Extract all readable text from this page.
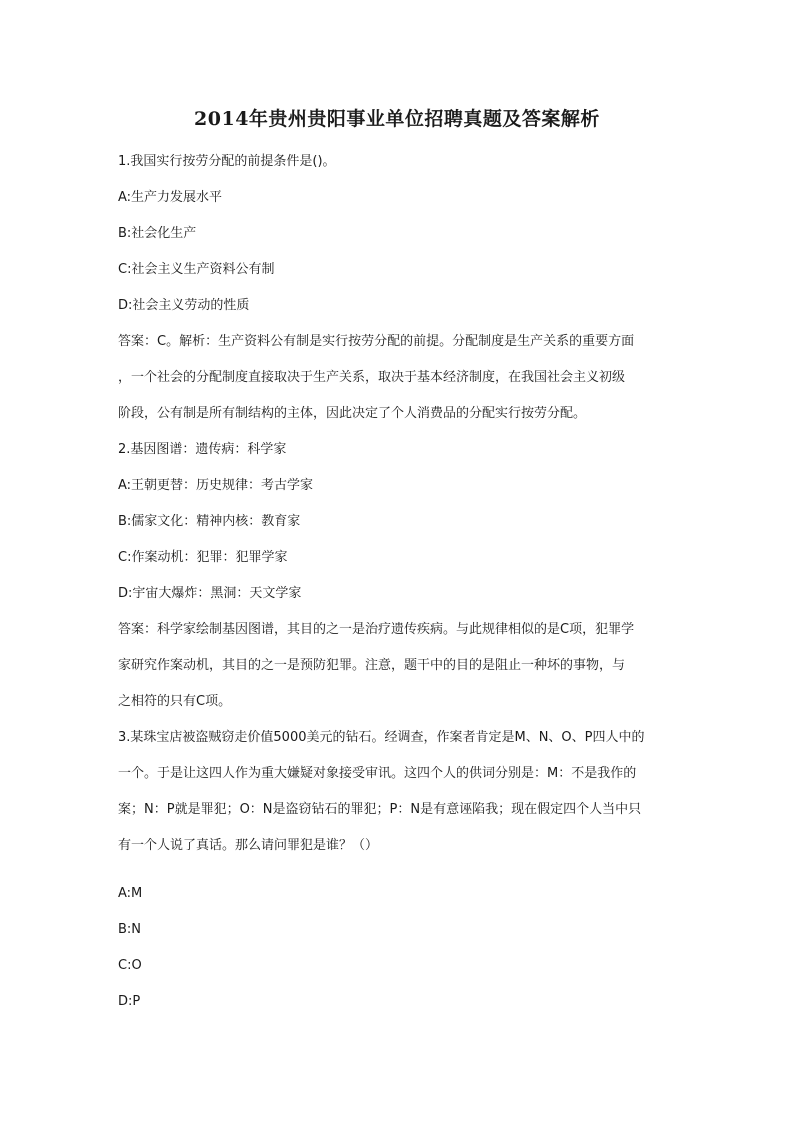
2014年贵州贵阳事业单位招聘真题及答案解析
1.我国实行按劳分配的前提条件是()。
A:生产力发展水平
B:社会化生产
C:社会主义生产资料公有制
D:社会主义劳动的性质
答案：C。解析：生产资料公有制是实行按劳分配的前提。分配制度是生产关系的重要方面
，一个社会的分配制度直接取决于生产关系，取决于基本经济制度，在我国社会主义初级
阶段，公有制是所有制结构的主体，因此决定了个人消费品的分配实行按劳分配。
2.基因图谱：遗传病：科学家
A:王朝更替：历史规律：考古学家
B:儒家文化：精神内核：教育家
C:作案动机：犯罪：犯罪学家
D:宇宙大爆炸：黑洞：天文学家
答案：科学家绘制基因图谱，其目的之一是治疗遗传疾病。与此规律相似的是C项，犯罪学
家研究作案动机，其目的之一是预防犯罪。注意，题干中的目的是阻止一种坏的事物，与
之相符的只有C项。
3.某珠宝店被盗贼窃走价值5000美元的钻石。经调查，作案者肯定是M、N、O、P四人中的
一个。于是让这四人作为重大嫌疑对象接受审讯。这四个人的供词分别是：M：不是我作的
案；N：P就是罪犯；O：N是盗窃钻石的罪犯；P：N是有意诬陷我；现在假定四个人当中只
有一个人说了真话。那么请问罪犯是谁？（）
A:M
B:N
C:O
D:P
